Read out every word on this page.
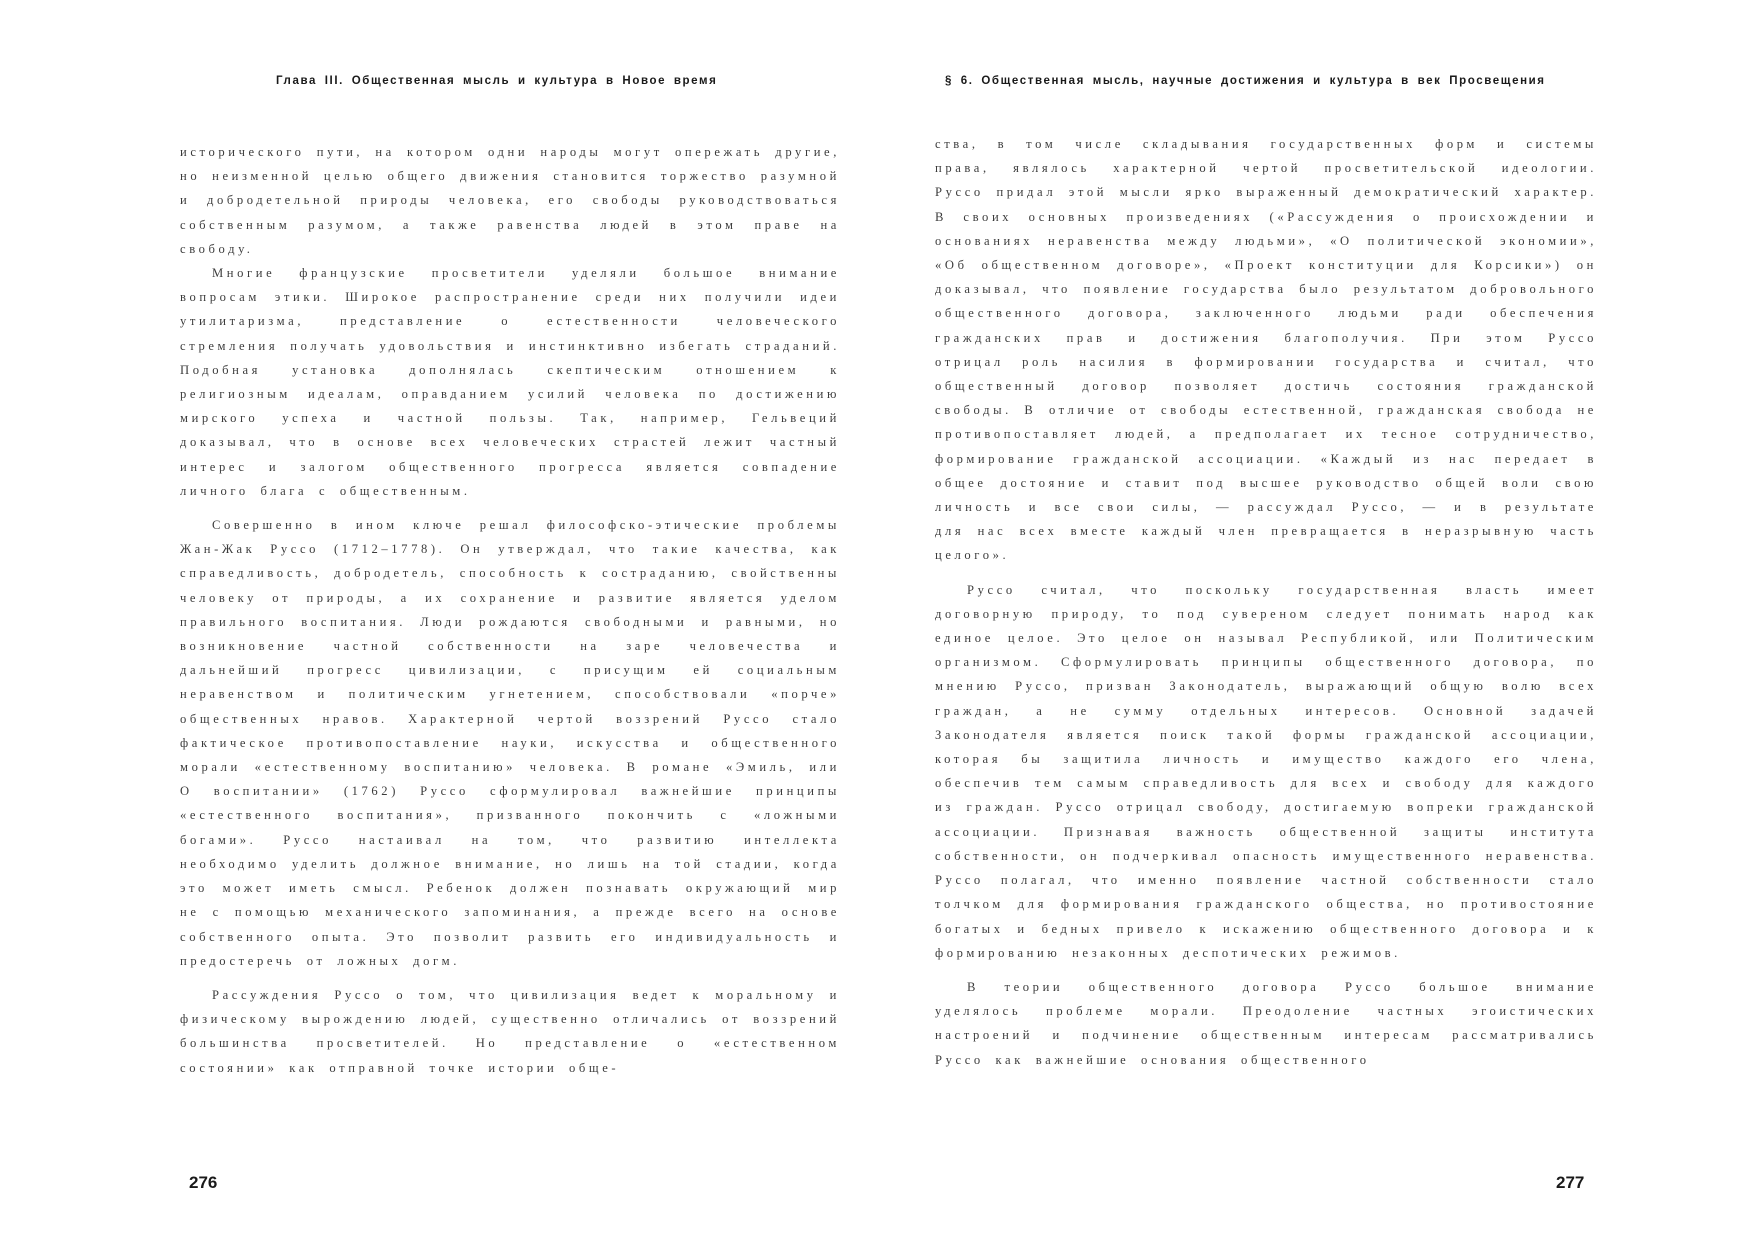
Глава III. Общественная мысль и культура в Новое время

исторического пути, на котором одни народы могут опережать другие, но неизменной целью общего движения становится торжество разумной и добродетельной природы человека, его свободы руководствоваться собственным разумом, а также равенства людей в этом праве на свободу.

Многие французские просветители уделяли большое внимание вопросам этики. Широкое распространение среди них получили идеи утилитаризма, представление о естественности человеческого стремления получать удовольствия и инстинктивно избегать страданий. Подобная установка дополнялась скептическим отношением к религиозным идеалам, оправданием усилий человека по достижению мирского успеха и частной пользы. Так, например, Гельвеций доказывал, что в основе всех человеческих страстей лежит частный интерес и залогом общественного прогресса является совпадение личного блага с общественным.

Совершенно в ином ключе решал философско-этические проблемы Жан-Жак Руссо (1712–1778). Он утверждал, что такие качества, как справедливость, добродетель, способность к состраданию, свойственны человеку от природы, а их сохранение и развитие является уделом правильного воспитания. Люди рождаются свободными и равными, но возникновение частной собственности на заре человечества и дальнейший прогресс цивилизации, с присущим ей социальным неравенством и политическим угнетением, способствовали «порче» общественных нравов. Характерной чертой воззрений Руссо стало фактическое противопоставление науки, искусства и общественного морали «естественному воспитанию» человека. В романе «Эмиль, или О воспитании» (1762) Руссо сформулировал важнейшие принципы «естественного воспитания», призванного покончить с «ложными богами». Руссо настаивал на том, что развитию интеллекта необходимо уделить должное внимание, но лишь на той стадии, когда это может иметь смысл. Ребенок должен познавать окружающий мир не с помощью механического запоминания, а прежде всего на основе собственного опыта. Это позволит развить его индивидуальность и предостеречь от ложных догм.

Рассуждения Руссо о том, что цивилизация ведет к моральному и физическому вырождению людей, существенно отличались от воззрений большинства просветителей. Но представление о «естественном состоянии» как отправной точке истории обще-

276
§ 6. Общественная мысль, научные достижения и культура в век Просвещения

ства, в том числе складывания государственных форм и системы права, являлось характерной чертой просветительской идеологии. Руссо придал этой мысли ярко выраженный демократический характер. В своих основных произведениях («Рассуждения о происхождении и основаниях неравенства между людьми», «О политической экономии», «Об общественном договоре», «Проект конституции для Корсики») он доказывал, что появление государства было результатом добровольного общественного договора, заключенного людьми ради обеспечения гражданских прав и достижения благополучия. При этом Руссо отрицал роль насилия в формировании государства и считал, что общественный договор позволяет достичь состояния гражданской свободы. В отличие от свободы естественной, гражданская свобода не противопоставляет людей, а предполагает их тесное сотрудничество, формирование гражданской ассоциации. «Каждый из нас передает в общее достояние и ставит под высшее руководство общей воли свою личность и все свои силы, — рассуждал Руссо, — и в результате для нас всех вместе каждый член превращается в неразрывную часть целого».

Руссо считал, что поскольку государственная власть имеет договорную природу, то под сувереном следует понимать народ как единое целое. Это целое он называл Республикой, или Политическим организмом. Сформулировать принципы общественного договора, по мнению Руссо, призван Законодатель, выражающий общую волю всех граждан, а не сумму отдельных интересов. Основной задачей Законодателя является поиск такой формы гражданской ассоциации, которая бы защитила личность и имущество каждого его члена, обеспечив тем самым справедливость для всех и свободу для каждого из граждан. Руссо отрицал свободу, достигаемую вопреки гражданской ассоциации. Признавая важность общественной защиты института собственности, он подчеркивал опасность имущественного неравенства. Руссо полагал, что именно появление частной собственности стало толчком для формирования гражданского общества, но противостояние богатых и бедных привело к искажению общественного договора и к формированию незаконных деспотических режимов.

В теории общественного договора Руссо большое внимание уделялось проблеме морали. Преодоление частных эгоистических настроений и подчинение общественным интересам рассматривались Руссо как важнейшие основания общественного

277
